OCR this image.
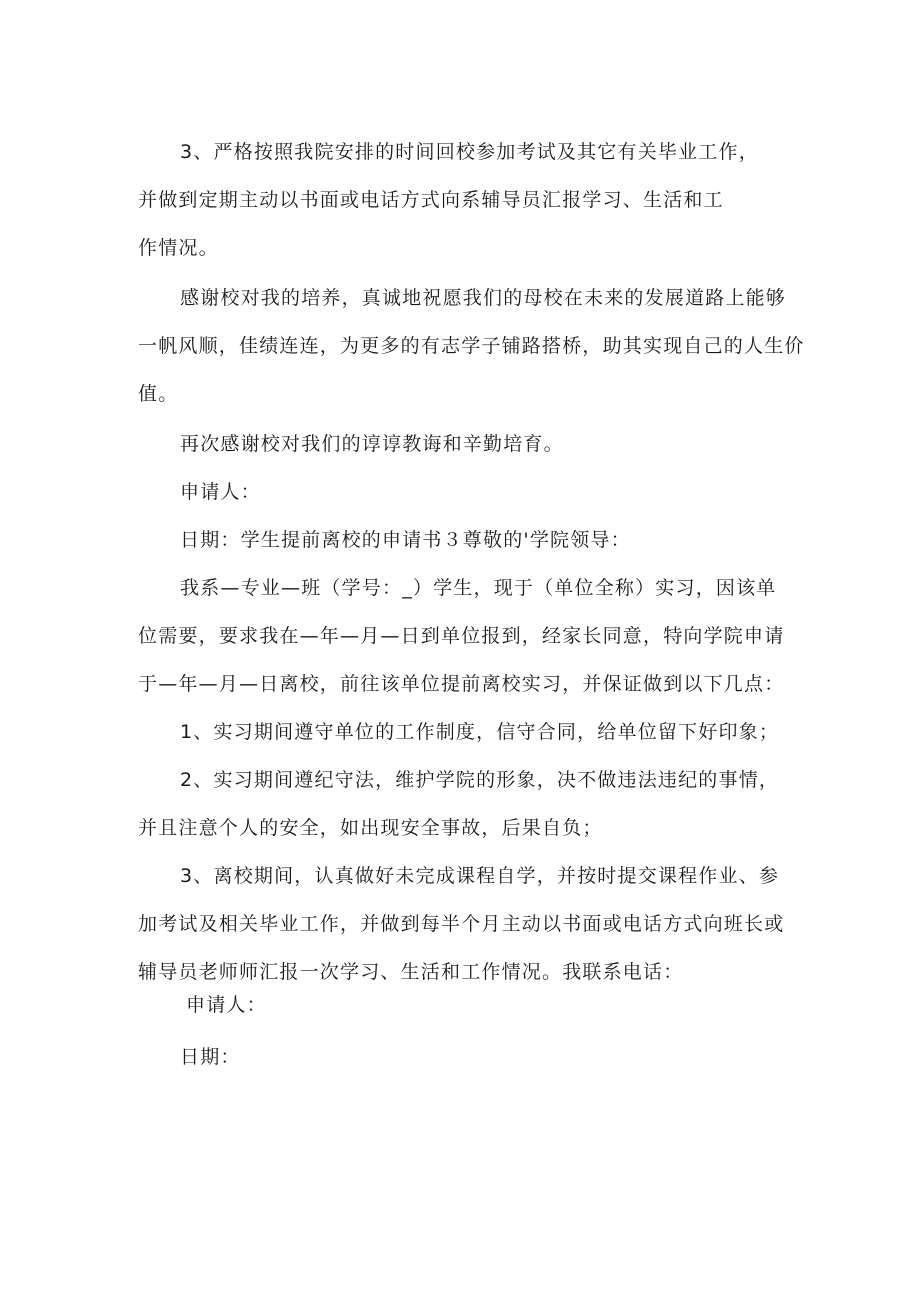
3、严格按照我院安排的时间回校参加考试及其它有关毕业工作，
并做到定期主动以书面或电话方式向系辅导员汇报学习、生活和工
作情况。
感谢校对我的培养，真诚地祝愿我们的母校在未来的发展道路上能够
一帆风顺，佳绩连连，为更多的有志学子铺路搭桥，助其实现自己的人生价
值。
再次感谢校对我们的谆谆教诲和辛勤培育。
申请人：
日期：学生提前离校的申请书３尊敬的'学院领导：
我系—专业—班（学号：_）学生，现于（单位全称）实习，因该单
位需要，要求我在—年—月—日到单位报到，经家长同意，特向学院申请
于—年—月—日离校，前往该单位提前离校实习，并保证做到以下几点：
1、实习期间遵守单位的工作制度，信守合同，给单位留下好印象；
2、实习期间遵纪守法，维护学院的形象，决不做违法违纪的事情，
并且注意个人的安全，如出现安全事故，后果自负；
3、离校期间，认真做好未完成课程自学，并按时提交课程作业、参
加考试及相关毕业工作，并做到每半个月主动以书面或电话方式向班长或
辅导员老师师汇报一次学习、生活和工作情况。我联系电话：
申请人：
日期：
